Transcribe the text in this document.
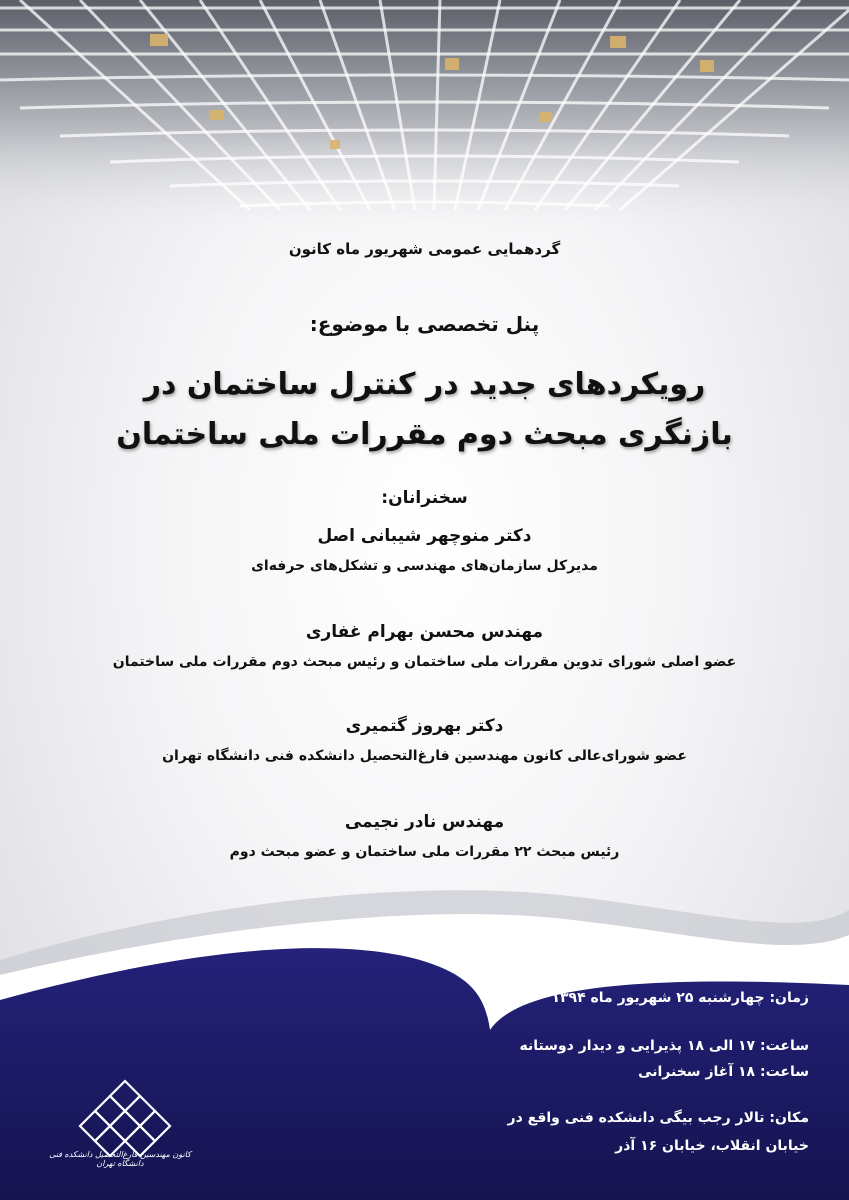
گردهمایی عمومی شهریور ماه کانون
پنل تخصصی با موضوع:
رویکردهای جدید در کنترل ساختمان در
بازنگری مبحث دوم مقررات ملی ساختمان
سخنرانان:
دکتر منوچهر شیبانی اصل
مدیرکل سازمان‌های مهندسی و تشکل‌های حرفه‌ای
مهندس محسن بهرام غفاری
عضو اصلی شورای تدوین مقررات ملی ساختمان و رئیس مبحث دوم مقررات ملی ساختمان
دکتر بهروز گتمیری
عضو شورای‌عالی کانون مهندسین فارغ‌التحصیل دانشکده فنی دانشگاه تهران
مهندس نادر نجیمی
رئیس مبحث ۲۲ مقررات ملی ساختمان و عضو مبحث دوم
زمان: چهارشنبه ۲۵ شهریور ماه ۱۳۹۴
ساعت: ۱۷ الی ۱۸ پذیرایی و دیدار دوستانه
ساعت: ۱۸ آغاز سخنرانی
مکان: تالار رجب بیگی دانشکده فنی واقع در
خیابان انقلاب، خیابان ۱۶ آذر
کانون مهندسین فارغ‌التحصیل دانشکده فنی دانشگاه تهران
